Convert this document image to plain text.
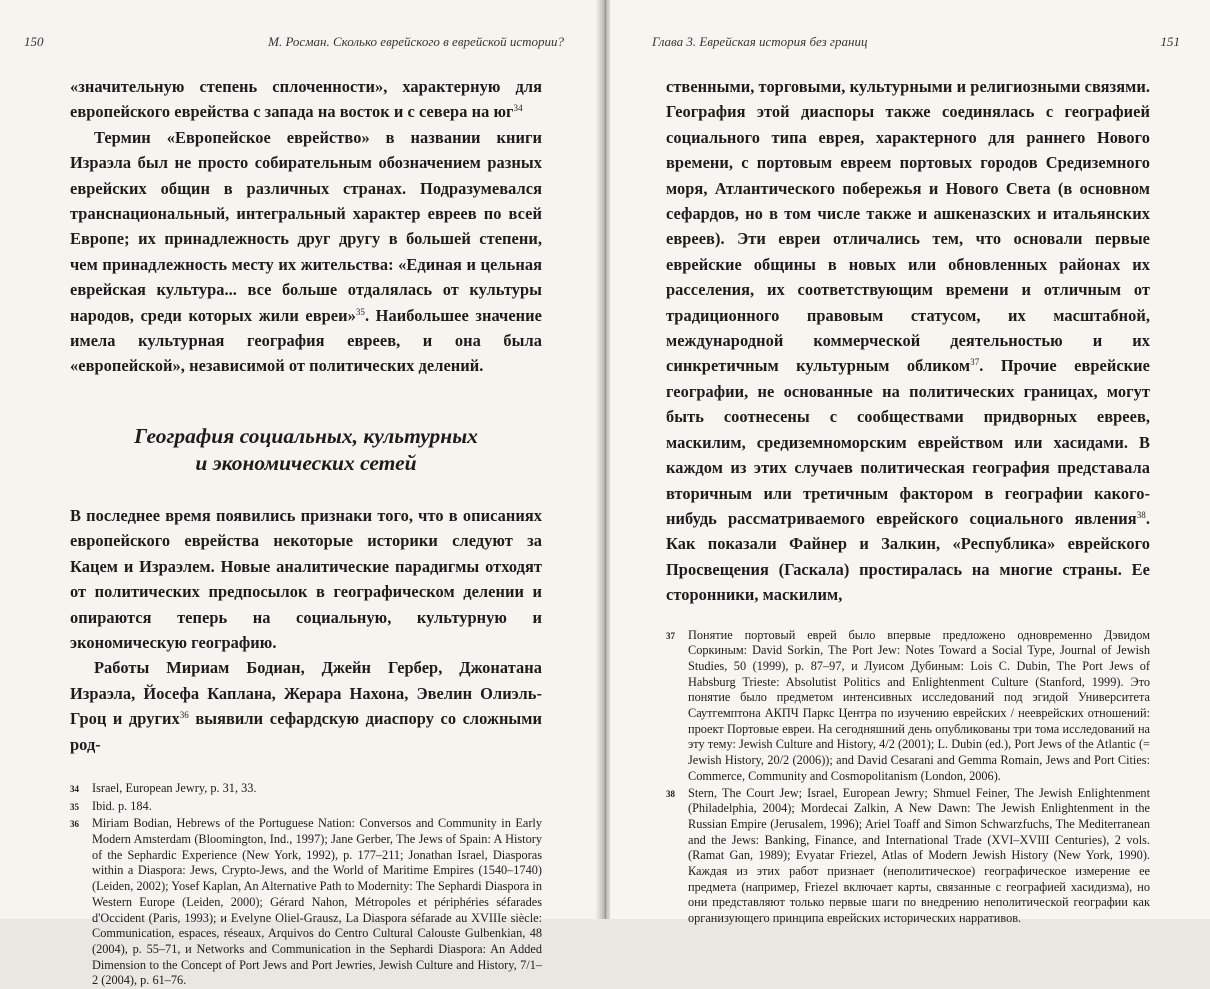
150	М. Росман. Сколько еврейского в еврейской истории?

«значительную степень сплоченности», характерную для европейского еврейства с запада на восток и с севера на $юг^{34}$

Термин «Европейское еврейство» в названии книги Израэла был не просто собирательным обозначением разных еврейских общин в различных странах. Подразумевался транснациональный, интегральный характер евреев по всей Европе; их принадлежность друг другу в большей степени, чем принадлежность месту их жительства: «Единая и цельная еврейская культура... все больше отдалялась от культуры народов, среди которых жили евреи»$^{35}$. Наибольшее значение имела культурная география евреев, и она была «европейской», независимой от политических делений.

География социальных, культурных
и экономических сетей

В последнее время появились признаки того, что в описаниях европейского еврейства некоторые историки следуют за Кацем и Израэлем. Новые аналитические парадигмы отходят от политических предпосылок в географическом делении и опираются теперь на социальную, культурную и экономическую географию.

Работы Мириам Бодиан, Джейн Гербер, Джонатана Израэла, Йосефа Каплана, Жерара Нахона, Эвелин Олиэль-Гроц и других$^{36}$ выявили сефардскую диаспору со сложными род-

34	Israel, European Jewry, p. 31, 33.
35	Ibid. p. 184.
36	Miriam Bodian, Hebrews of the Portuguese Nation: Conversos and Community in Early Modern Amsterdam (Bloomington, Ind., 1997); Jane Gerber, The Jews of Spain: A History of the Sephardic Experience (New York, 1992), p. 177–211; Jonathan Israel, Diasporas within a Diaspora: Jews, Crypto-Jews, and the World of Maritime Empires (1540–1740) (Leiden, 2002); Yosef Kaplan, An Alternative Path to Modernity: The Sephardi Diaspora in Western Europe (Leiden, 2000); Gérard Nahon, Métropoles et périphéries séfarades d'Occident (Paris, 1993); и Evelyne Oliel-Grausz, La Diaspora séfarade au XVIIIe siècle: Communication, espaces, réseaux, Arquivos do Centro Cultural Calouste Gulbenkian, 48 (2004), p. 55–71, и Networks and Communication in the Sephardi Diaspora: An Added Dimension to the Concept of Port Jews and Port Jewries, Jewish Culture and History, 7/1–2 (2004), p. 61–76.
Глава 3. Еврейская история без границ	151

ственными, торговыми, культурными и религиозными связями. География этой диаспоры также соединялась с географией социального типа еврея, характерного для раннего Нового времени, с портовым евреем портовых городов Средиземного моря, Атлантического побережья и Нового Света (в основном сефардов, но в том числе также и ашкеназских и итальянских евреев). Эти евреи отличались тем, что основали первые еврейские общины в новых или обновленных районах их расселения, их соответствующим времени и отличным от традиционного правовым статусом, их масштабной, международной коммерческой деятельностью и их синкретичным культурным обликом$^{37}$. Прочие еврейские географии, не основанные на политических границах, могут быть соотнесены с сообществами придворных евреев, маскилим, средиземноморским еврейством или хасидами. В каждом из этих случаев политическая география представала вторичным или третичным фактором в географии какого-нибудь рассматриваемого еврейского социального явления$^{38}$. Как показали Файнер и Залкин, «Республика» еврейского Просвещения (Гаскала) простиралась на многие страны. Ее сторонники, маскилим,

37	Понятие портовый еврей было впервые предложено одновременно Дэвидом Соркиным: David Sorkin, The Port Jew: Notes Toward a Social Type, Journal of Jewish Studies, 50 (1999), p. 87–97, и Луисом Дубиным: Lois C. Dubin, The Port Jews of Habsburg Trieste: Absolutist Politics and Enlightenment Culture (Stanford, 1999). Это понятие было предметом интенсивных исследований под эгидой Университета Саутгемптона АКПЧ Паркс Центра по изучению еврейских / нееврейских отношений: проект Портовые евреи. На сегодняшний день опубликованы три тома исследований на эту тему: Jewish Culture and History, 4/2 (2001); L. Dubin (ed.), Port Jews of the Atlantic (= Jewish History, 20/2 (2006)); and David Cesarani and Gemma Romain, Jews and Port Cities: Commerce, Community and Cosmopolitanism (London, 2006).
38	Stern, The Court Jew; Israel, European Jewry; Shmuel Feiner, The Jewish Enlightenment (Philadelphia, 2004); Mordecai Zalkin, A New Dawn: The Jewish Enlightenment in the Russian Empire (Jerusalem, 1996); Ariel Toaff and Simon Schwarzfuchs, The Mediterranean and the Jews: Banking, Finance, and International Trade (XVI–XVIII Centuries), 2 vols. (Ramat Gan, 1989); Evyatar Friezel, Atlas of Modern Jewish History (New York, 1990). Каждая из этих работ признает (неполитическое) географическое измерение ее предмета (например, Friezel включает карты, связанные с географией хасидизма), но они представляют только первые шаги по внедрению неполитической географии как организующего принципа еврейских исторических нарративов.
